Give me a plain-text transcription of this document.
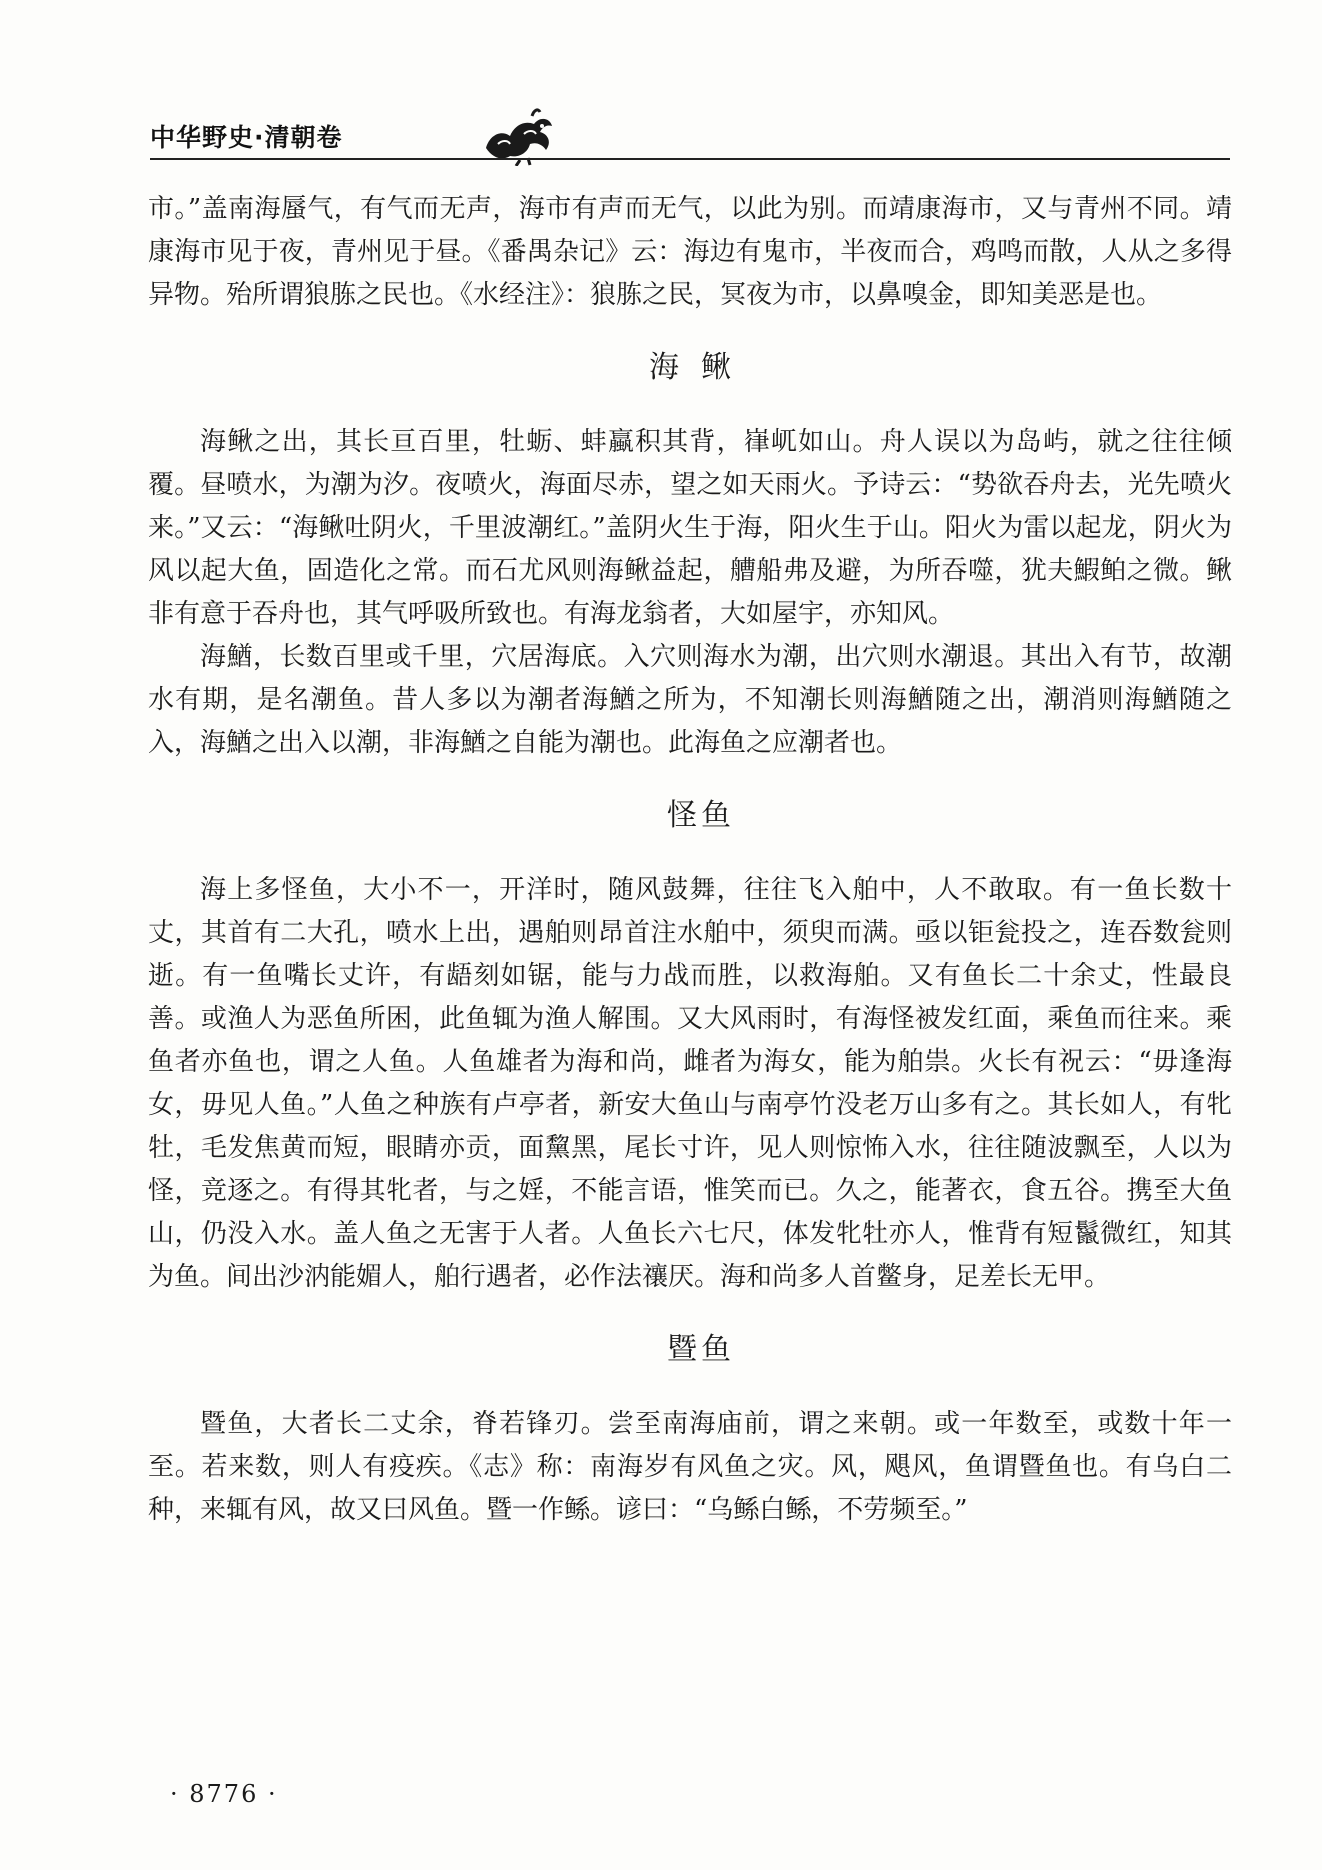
中华野史·清朝卷

市。”盖南海蜃气，有气而无声，海市有声而无气，以此为别。而靖康海市，又与青州不同。靖康海市见于夜，青州见于昼。《番禺杂记》云：海边有鬼市，半夜而合，鸡鸣而散，人从之多得异物。殆所谓狼胨之民也。《水经注》：狼胨之民，冥夜为市，以鼻嗅金，即知美恶是也。

海鳅

海鳅之出，其长亘百里，牡蛎、蚌蠃积其背，嵂屼如山。舟人误以为岛屿，就之往往倾覆。昼喷水，为潮为汐。夜喷火，海面尽赤，望之如天雨火。予诗云：“势欲吞舟去，光先喷火来。”又云：“海鳅吐阴火，千里波潮红。”盖阴火生于海，阳火生于山。阳火为雷以起龙，阴火为风以起大鱼，固造化之常。而石尤风则海鳅益起，艚船弗及避，为所吞噬，犹夫鰕鲌之微。鳅非有意于吞舟也，其气呼吸所致也。有海龙翁者，大如屋宇，亦知风。

海鰌，长数百里或千里，穴居海底。入穴则海水为潮，出穴则水潮退。其出入有节，故潮水有期，是名潮鱼。昔人多以为潮者海鰌之所为，不知潮长则海鰌随之出，潮消则海鰌随之入，海鰌之出入以潮，非海鰌之自能为潮也。此海鱼之应潮者也。

怪鱼

海上多怪鱼，大小不一，开洋时，随风鼓舞，往往飞入舶中，人不敢取。有一鱼长数十丈，其首有二大孔，喷水上出，遇舶则昂首注水舶中，须臾而满。亟以钜瓮投之，连吞数瓮则逝。有一鱼嘴长丈许，有龉刻如锯，能与力战而胜，以救海舶。又有鱼长二十余丈，性最良善。或渔人为恶鱼所困，此鱼辄为渔人解围。又大风雨时，有海怪被发红面，乘鱼而往来。乘鱼者亦鱼也，谓之人鱼。人鱼雄者为海和尚，雌者为海女，能为舶祟。火长有祝云：“毋逢海女，毋见人鱼。”人鱼之种族有卢亭者，新安大鱼山与南亭竹没老万山多有之。其长如人，有牝牡，毛发焦黄而短，眼睛亦贡，面黧黑，尾长寸许，见人则惊怖入水，往往随波飘至，人以为怪，竞逐之。有得其牝者，与之婬，不能言语，惟笑而已。久之，能著衣，食五谷。携至大鱼山，仍没入水。盖人鱼之无害于人者。人鱼长六七尺，体发牝牡亦人，惟背有短鬣微红，知其为鱼。间出沙汭能媚人，舶行遇者，必作法禳厌。海和尚多人首鳖身，足差长无甲。

暨鱼

暨鱼，大者长二丈余，脊若锋刃。尝至南海庙前，谓之来朝。或一年数至，或数十年一至。若来数，则人有疫疾。《志》称：南海岁有风鱼之灾。风，飓风，鱼谓暨鱼也。有乌白二种，来辄有风，故又曰风鱼。暨一作鲧。谚曰：“乌鲧白鲧，不劳频至。”

· 8776 ·
